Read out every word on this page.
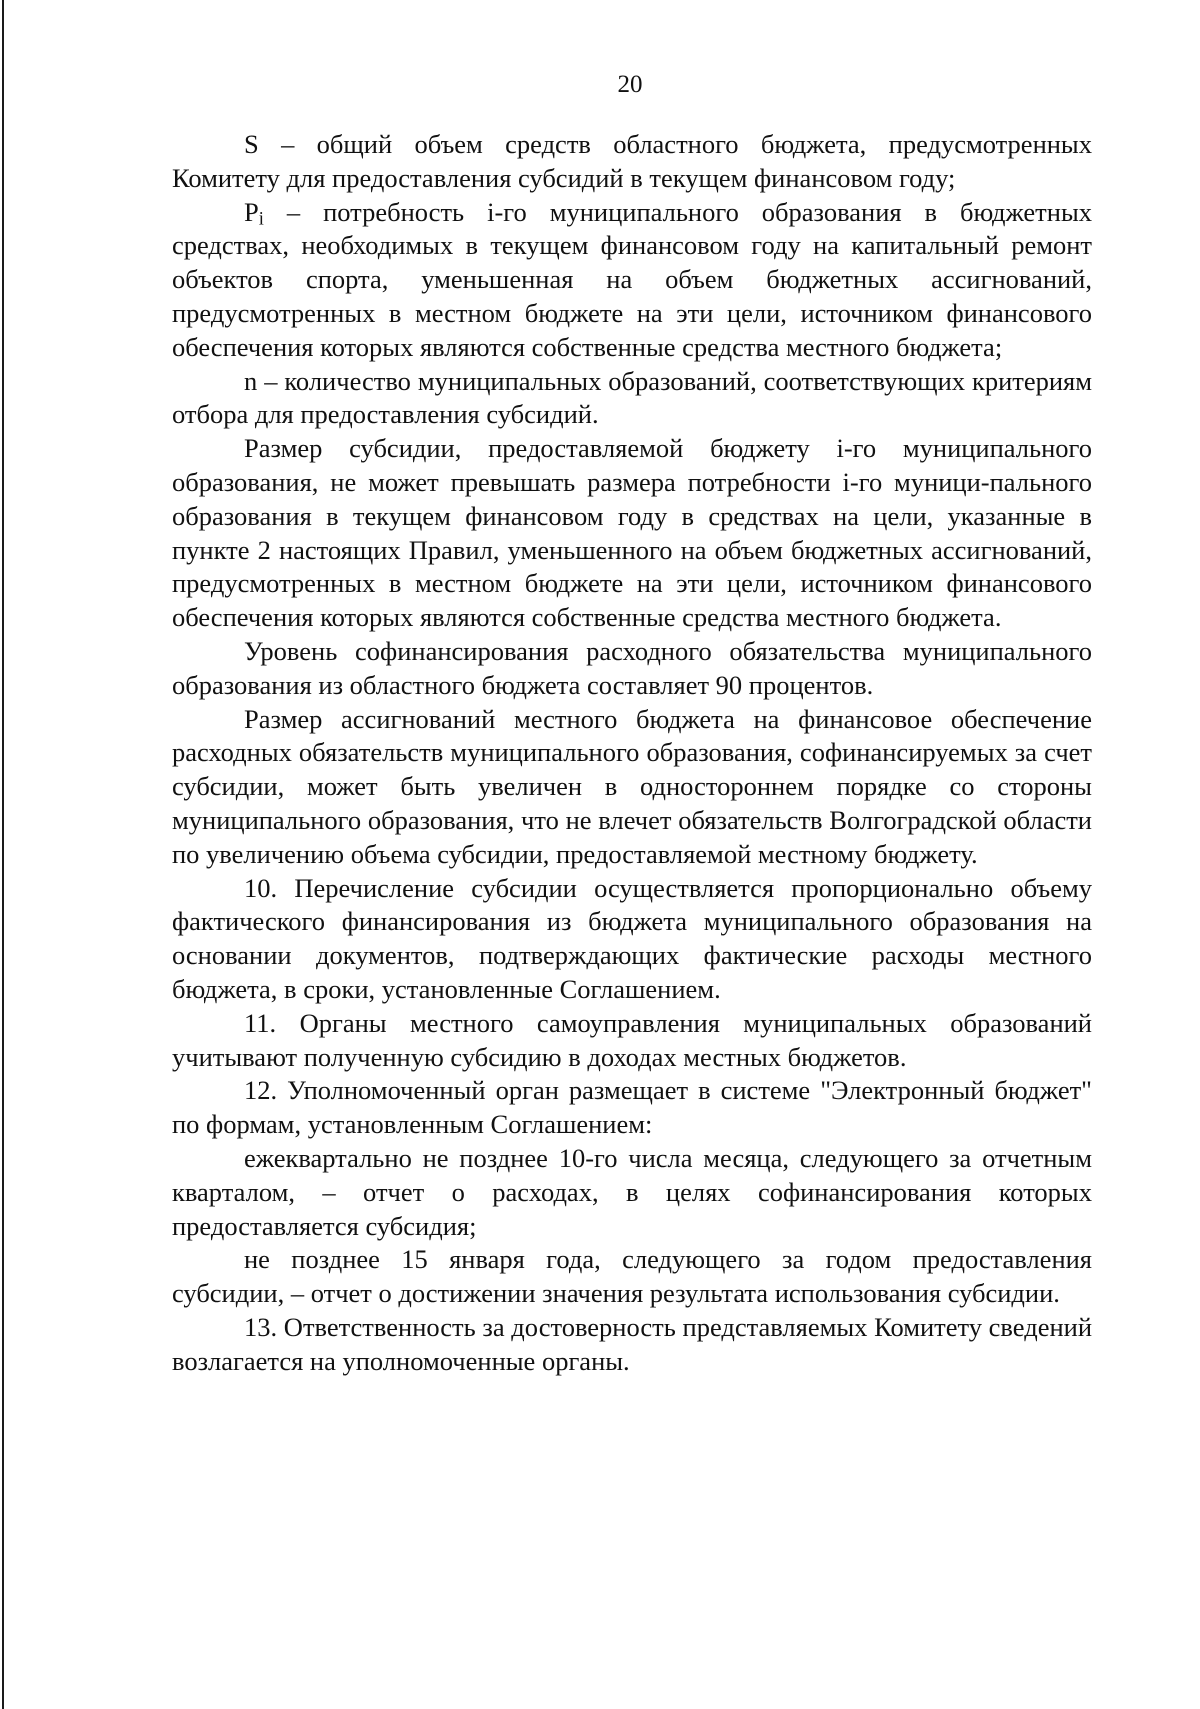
20

S – общий объем средств областного бюджета, предусмотренных Комитету для предоставления субсидий в текущем финансовом году;

Pi – потребность i-го муниципального образования в бюджетных средствах, необходимых в текущем финансовом году на капитальный ремонт объектов спорта, уменьшенная на объем бюджетных ассигнований, предусмотренных в местном бюджете на эти цели, источником финансового обеспечения которых являются собственные средства местного бюджета;

n – количество муниципальных образований, соответствующих критериям отбора для предоставления субсидий.

Размер субсидии, предоставляемой бюджету i-го муниципального образования, не может превышать размера потребности i-го муници-пального образования в текущем финансовом году в средствах на цели, указанные в пункте 2 настоящих Правил, уменьшенного на объем бюджетных ассигнований, предусмотренных в местном бюджете на эти цели, источником финансового обеспечения которых являются собственные средства местного бюджета.

Уровень софинансирования расходного обязательства муниципального образования из областного бюджета составляет 90 процентов.

Размер ассигнований местного бюджета на финансовое обеспечение расходных обязательств муниципального образования, софинансируемых за счет субсидии, может быть увеличен в одностороннем порядке со стороны муниципального образования, что не влечет обязательств Волгоградской области по увеличению объема субсидии, предоставляемой местному бюджету.

10. Перечисление субсидии осуществляется пропорционально объему фактического финансирования из бюджета муниципального образования на основании документов, подтверждающих фактические расходы местного бюджета, в сроки, установленные Соглашением.

11. Органы местного самоуправления муниципальных образований учитывают полученную субсидию в доходах местных бюджетов.

12. Уполномоченный орган размещает в системе "Электронный бюджет" по формам, установленным Соглашением:

ежеквартально не позднее 10-го числа месяца, следующего за отчетным кварталом, – отчет о расходах, в целях софинансирования которых предоставляется субсидия;

не позднее 15 января года, следующего за годом предоставления субсидии, – отчет о достижении значения результата использования субсидии.

13. Ответственность за достоверность представляемых Комитету сведений возлагается на уполномоченные органы.
